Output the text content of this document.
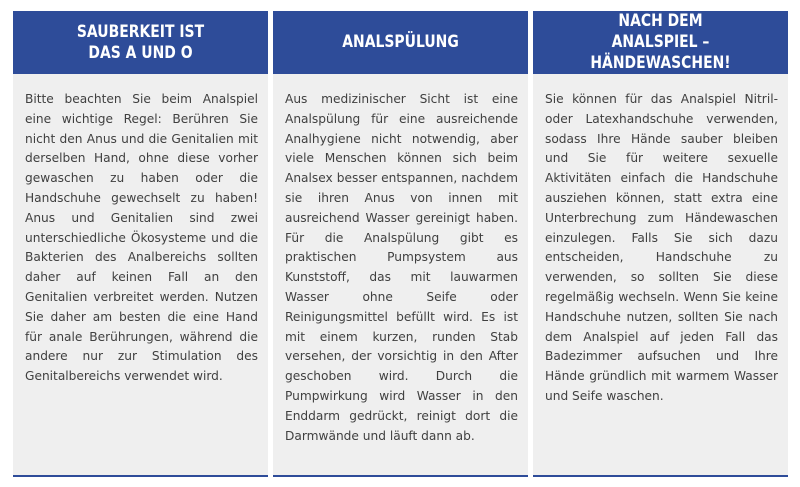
SAUBERKEIT IST
DAS A UND O
Bitte beachten Sie beim Analspiel eine wichtige Regel: Berühren Sie nicht den Anus und die Genitalien mit derselben Hand, ohne diese vorher gewaschen zu haben oder die Handschuhe gewechselt zu haben! Anus und Genitalien sind zwei unterschiedliche Ökosysteme und die Bakterien des Analbereichs sollten daher auf keinen Fall an den Genitalien verbreitet werden. Nutzen Sie daher am besten die eine Hand für anale Berührungen, während die andere nur zur Stimulation des Genitalbereichs verwendet wird.
ANALSPÜLUNG
Aus medizinischer Sicht ist eine Analspülung für eine ausreichende Analhygiene nicht notwendig, aber viele Menschen können sich beim Analsex besser entspannen, nachdem sie ihren Anus von innen mit ausreichend Wasser gereinigt haben. Für die Analspülung gibt es praktischen Pumpsystem aus Kunststoff, das mit lauwarmen Wasser ohne Seife oder Reinigungsmittel befüllt wird. Es ist mit einem kurzen, runden Stab versehen, der vorsichtig in den After geschoben wird. Durch die Pumpwirkung wird Wasser in den Enddarm gedrückt, reinigt dort die Darmwände und läuft dann ab.
NACH DEM
ANALSPIEL – HÄNDEWASCHEN!
Sie können für das Analspiel Nitril- oder Latexhandschuhe verwenden, sodass Ihre Hände sauber bleiben und Sie für weitere sexuelle Aktivitäten einfach die Handschuhe ausziehen können, statt extra eine Unterbrechung zum Händewaschen einzulegen. Falls Sie sich dazu entscheiden, Handschuhe zu verwenden, so sollten Sie diese regelmäßig wechseln. Wenn Sie keine Handschuhe nutzen, sollten Sie nach dem Analspiel auf jeden Fall das Badezimmer aufsuchen und Ihre Hände gründlich mit warmem Wasser und Seife waschen.
